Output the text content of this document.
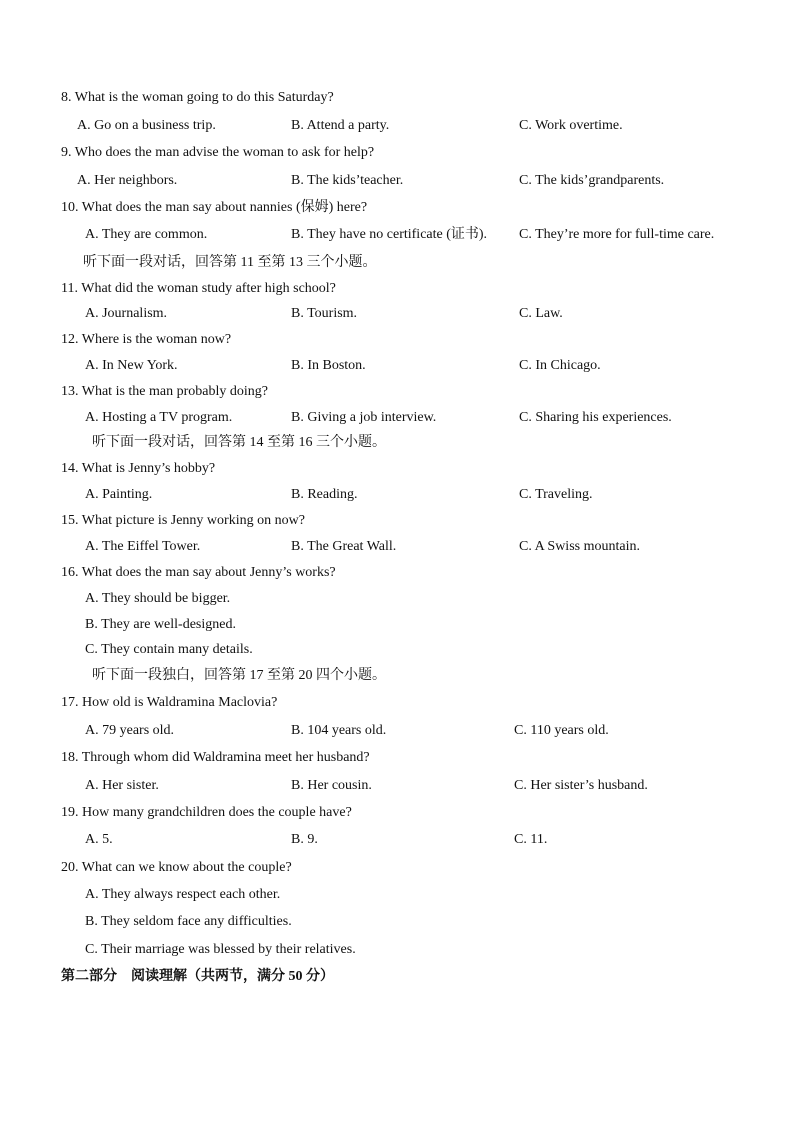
8. What is the woman going to do this Saturday?
A. Go on a business trip.	B. Attend a party.	C. Work overtime.
9. Who does the man advise the woman to ask for help?
A. Her neighbors.	B. The kids’teacher.	C. The kids’grandparents.
10. What does the man say about nannies (保姆) here?
A. They are common.	B. They have no certificate (证书). C. They’re more for full-time care.
听下面一段对话，回答第 11 至第 13 三个小题。
11. What did the woman study after high school?
A. Journalism.	B. Tourism.	C. Law.
12. Where is the woman now?
A. In New York.	B. In Boston.	C. In Chicago.
13. What is the man probably doing?
A. Hosting a TV program.	B. Giving a job interview.	C. Sharing his experiences.
听下面一段对话，回答第 14 至第 16 三个小题。
14. What is Jenny’s hobby?
A. Painting.	B. Reading.	C. Traveling.
15. What picture is Jenny working on now?
A. The Eiffel Tower.	B. The Great Wall.	C. A Swiss mountain.
16. What does the man say about Jenny’s works?
A. They should be bigger.
B. They are well-designed.
C. They contain many details.
听下面一段独白，回答第 17 至第 20 四个小题。
17. How old is Waldramina Maclovia?
A. 79 years old.	B. 104 years old.	C. 110 years old.
18. Through whom did Waldramina meet her husband?
A. Her sister.	B. Her cousin.	C. Her sister’s husband.
19. How many grandchildren does the couple have?
A. 5.	B. 9.	C. 11.
20. What can we know about the couple?
A. They always respect each other.
B. They seldom face any difficulties.
C. Their marriage was blessed by their relatives.
第二部分　阅读理解（共两节，满分 50 分）
